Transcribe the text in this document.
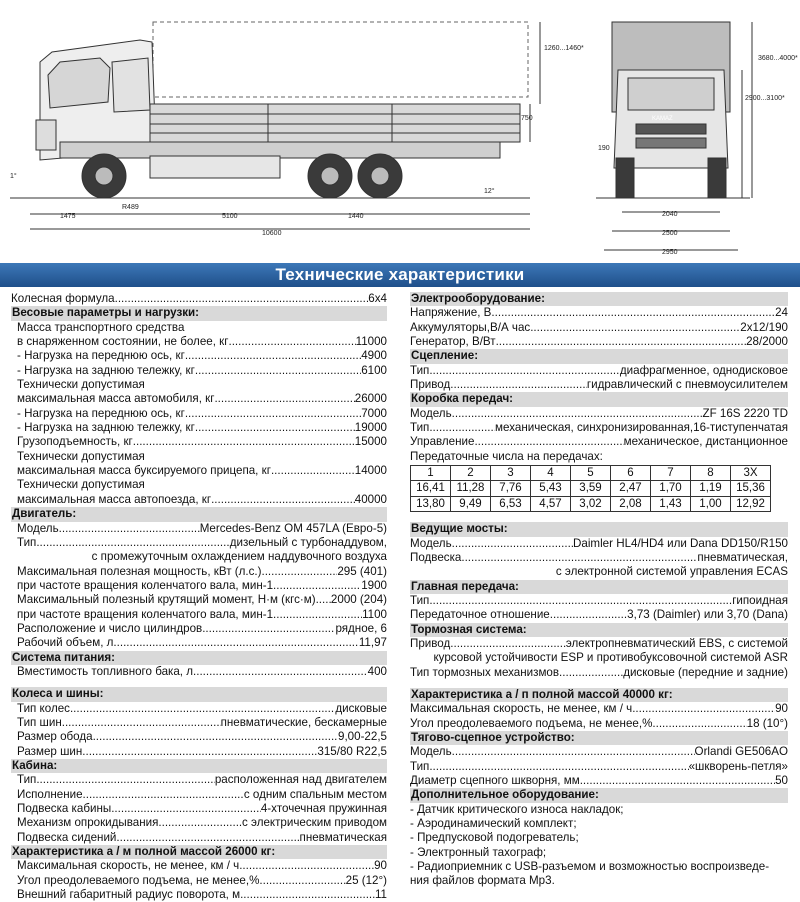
1475
R489
5100	1440
10600
750
1260...1460*
12°
1°
KAMAZ
3680...4000*
2900...3100*
190
2040
2500
2950
Технические характеристики
Колесная формула .....	6x4
Весовые параметры и нагрузки:
Масса транспортного средства
в снаряженном состоянии, не более, кг .....	11000
- Нагрузка на переднюю ось, кг .....	4900
- Нагрузка на заднюю тележку, кг .....	6100
Технически допустимая
максимальная масса автомобиля, кг .....	26000
- Нагрузка на переднюю ось, кг .....	7000
- Нагрузка на заднюю тележку, кг .....	19000
Грузоподъемность, кг .....	15000
Технически допустимая
максимальная масса буксируемого прицепа, кг .....	14000
Технически допустимая
максимальная масса автопоезда, кг .....	40000
Двигатель:
Модель .....	Mercedes-Benz OM 457LA (Евро-5)
Тип .....	дизельный с турбонаддувом,
с промежуточным охлаждением наддувочного воздуха
Максимальная полезная мощность, кВт (л.с.) .....	295 (401)
при частоте вращения коленчатого вала, мин-1 .....	1900
Максимальный полезный крутящий момент, Н·м (кгс·м) ..... 2000 (204)
при частоте вращения коленчатого вала, мин-1 .....	1100
Расположение и число цилиндров .....	рядное, 6
Рабочий объем, л .....	11,97
Система питания:
Вместимость топливного бака, л .....	400
Колеса и шины:
Тип колес .....	дисковые
Тип шин .....	пневматические, бескамерные
Размер обода .....	9,00-22,5
Размер шин .....	315/80 R22,5
Кабина:
Тип .....	расположенная над двигателем
Исполнение .....	с одним спальным местом
Подвеска кабины .....	4-хточечная пружинная
Механизм опрокидывания .....	с электрическим приводом
Подвеска сидений .....	пневматическая
Характеристика а / м полной массой 26000 кг:
Максимальная скорость, не менее, км / ч .....	90
Угол преодолеваемого подъема, не менее,% .....	25 (12°)
Внешний габаритный радиус поворота, м .....	11
Электрооборудование:
Напряжение, В .....	24
Аккумуляторы,В/А час .....	2x12/190
Генератор, В/Вт .....	28/2000
Сцепление:
Тип .....	диафрагменное, однодисковое
Привод .....	гидравлический с пневмоусилителем
Коробка передач:
Модель .....	ZF 16S 2220 TD
Тип .....	механическая, синхронизированная,16-тиступенчатая
Управление .....	механическое, дистанционное
Передаточные числа на передачах:
1	2	3	4	5	6	7	8	3X
16,41	11,28	7,76	5,43	3,59	2,47	1,70	1,19	15,36
13,80	9,49	6,53	4,57	3,02	2,08	1,43	1,00	12,92
Ведущие мосты:
Модель .....	Daimler HL4/HD4 или Dana DD150/R150
Подвеска .....	пневматическая,
с электронной системой управления ECAS
Главная передача:
Тип .....	гипоидная
Передаточное отношение .....	3,73 (Daimler) или 3,70 (Dana)
Тормозная система:
Привод .....	электропневматический EBS, с системой
курсовой устойчивости ESP и противобуксовочной системой ASR
Тип тормозных механизмов .....	дисковые (передние и задние)
Характеристика а / п полной массой 40000 кг:
Максимальная скорость, не менее, км / ч .....	90
Угол преодолеваемого подъема, не менее,% .....	18 (10°)
Тягово-сцепное устройство:
Модель .....	Orlandi GE506AO
Тип .....	«шкворень-петля»
Диаметр сцепного шкворня, мм .....	50
Дополнительное оборудование:
- Датчик критического износа накладок;
- Аэродинамический комплект;
- Предпусковой подогреватель;
- Электронный тахограф;
- Радиоприемник с USB-разъемом и возможностью воспроизведе-
ния файлов формата Mp3.
